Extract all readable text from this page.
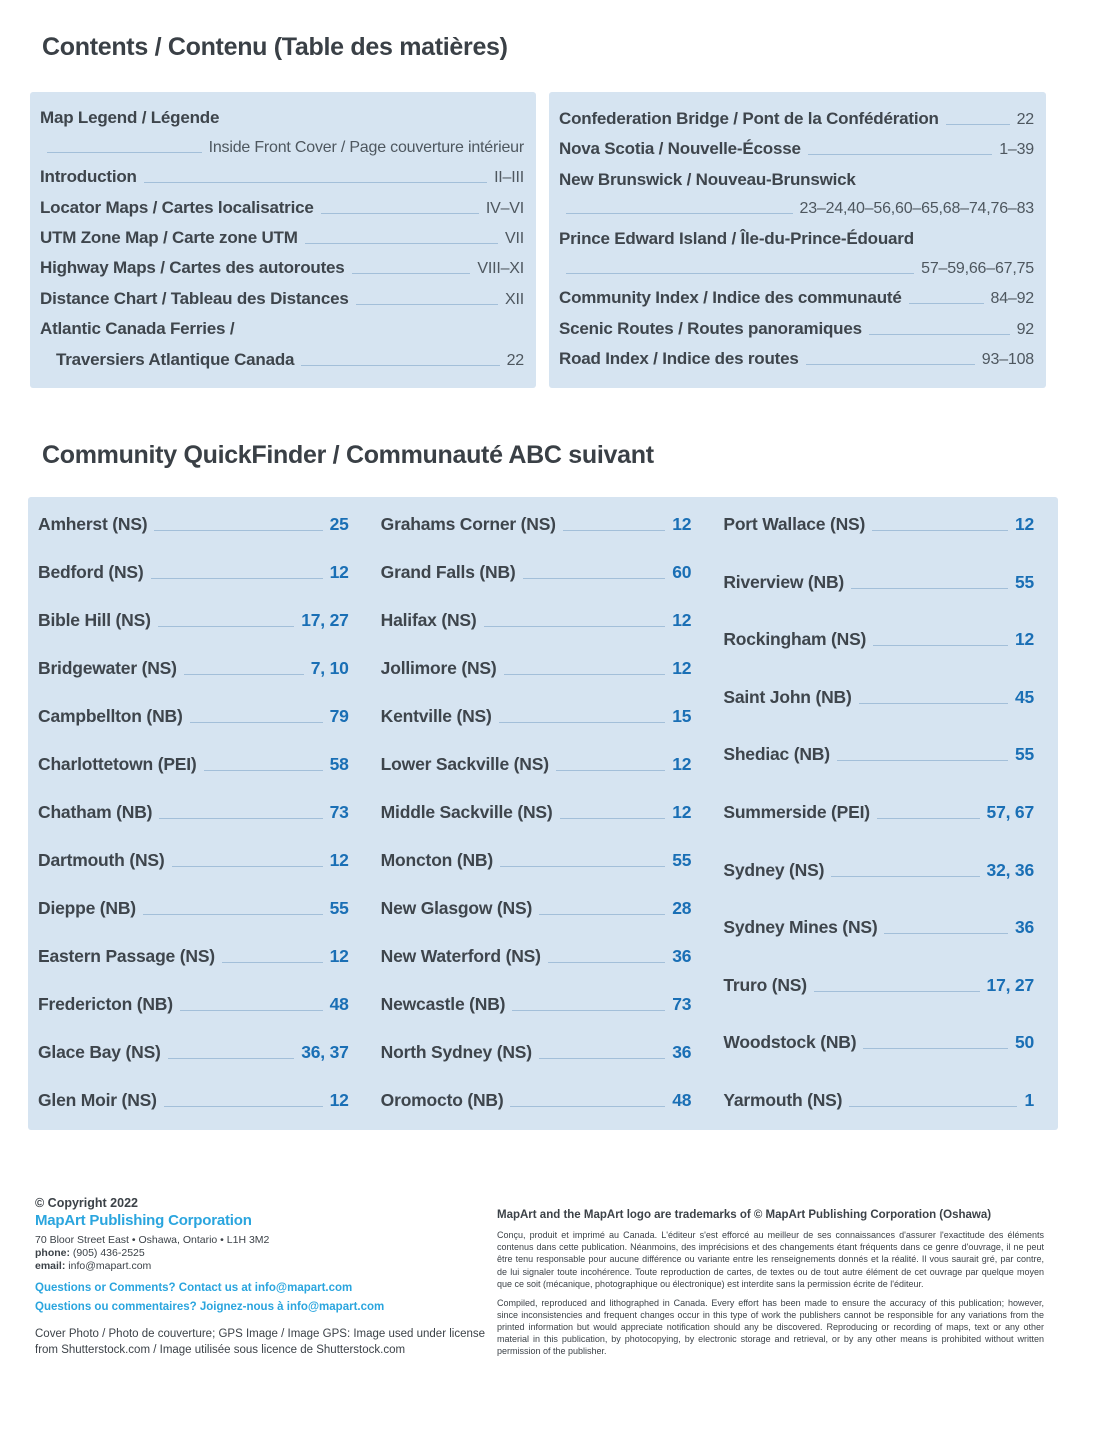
Contents / Contenu (Table des matières)
Map Legend / Légende
Inside Front Cover / Page couverture intérieur
Introduction	II–III
Locator Maps / Cartes localisatrice	IV–VI
UTM Zone Map / Carte zone UTM	VII
Highway Maps / Cartes des autoroutes	VIII–XI
Distance Chart / Tableau des Distances	XII
Atlantic Canada Ferries /
Traversiers Atlantique Canada	22
Confederation Bridge / Pont de la Confédération	22
Nova Scotia / Nouvelle-Écosse	1–39
New Brunswick / Nouveau-Brunswick
23–24,40–56,60–65,68–74,76–83
Prince Edward Island / Île-du-Prince-Édouard
57–59,66–67,75
Community Index / Indice des communauté	84–92
Scenic Routes / Routes panoramiques	92
Road Index / Indice des routes	93–108
Community QuickFinder / Communauté ABC suivant
Amherst (NS)	25
Bedford (NS)	12
Bible Hill (NS)	17, 27
Bridgewater (NS)	7, 10
Campbellton (NB)	79
Charlottetown (PEI)	58
Chatham (NB)	73
Dartmouth (NS)	12
Dieppe (NB)	55
Eastern Passage (NS)	12
Fredericton (NB)	48
Glace Bay (NS)	36, 37
Glen Moir (NS)	12
Grahams Corner (NS)	12
Grand Falls (NB)	60
Halifax (NS)	12
Jollimore (NS)	12
Kentville (NS)	15
Lower Sackville (NS)	12
Middle Sackville (NS)	12
Moncton (NB)	55
New Glasgow (NS)	28
New Waterford (NS)	36
Newcastle (NB)	73
North Sydney (NS)	36
Oromocto (NB)	48
Port Wallace (NS)	12
Riverview (NB)	55
Rockingham (NS)	12
Saint John (NB)	45
Shediac (NB)	55
Summerside (PEI)	57, 67
Sydney (NS)	32, 36
Sydney Mines (NS)	36
Truro (NS)	17, 27
Woodstock (NB)	50
Yarmouth (NS)	1
© Copyright 2022
MapArt Publishing Corporation
70 Bloor Street East • Oshawa, Ontario • L1H 3M2
phone: (905) 436-2525
email: info@mapart.com
Questions or Comments? Contact us at info@mapart.com
Questions ou commentaires? Joignez-nous à info@mapart.com
Cover Photo / Photo de couverture; GPS Image / Image GPS: Image used under license from Shutterstock.com / Image utilisée sous licence de Shutterstock.com
MapArt and the MapArt logo are trademarks of © MapArt Publishing Corporation (Oshawa)
Conçu, produit et imprimé au Canada. L'éditeur s'est efforcé au meilleur de ses connaissances d'assurer l'exactitude des éléments contenus dans cette publication. Néanmoins, des imprécisions et des changements étant fréquents dans ce genre d'ouvrage, il ne peut être tenu responsable pour aucune différence ou variante entre les renseignements donnés et la réalité. Il vous saurait gré, par contre, de lui signaler toute incohérence. Toute reproduction de cartes, de textes ou de tout autre élément de cet ouvrage par quelque moyen que ce soit (mécanique, photographique ou électronique) est interdite sans la permission écrite de l'éditeur.
Compiled, reproduced and lithographed in Canada. Every effort has been made to ensure the accuracy of this publication; however, since inconsistencies and frequent changes occur in this type of work the publishers cannot be responsible for any variations from the printed information but would appreciate notification should any be discovered. Reproducing or recording of maps, text or any other material in this publication, by photocopying, by electronic storage and retrieval, or by any other means is prohibited without written permission of the publisher.
